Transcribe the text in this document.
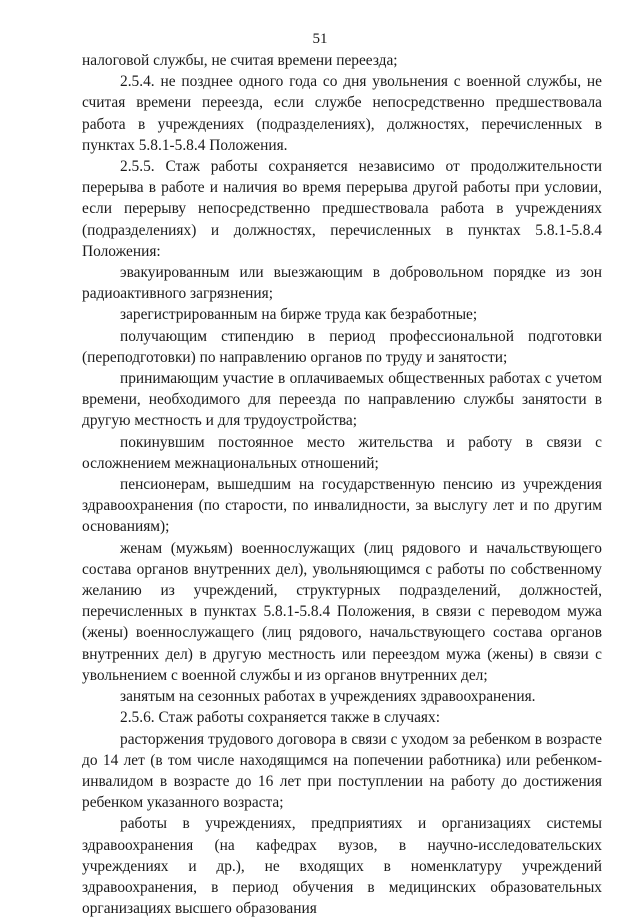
51

налоговой службы, не считая времени переезда;

2.5.4. не позднее одного года со дня увольнения с военной службы, не считая времени переезда, если службе непосредственно предшествовала работа в учреждениях (подразделениях), должностях, перечисленных в пунктах 5.8.1-5.8.4 Положения.

2.5.5. Стаж работы сохраняется независимо от продолжительности перерыва в работе и наличия во время перерыва другой работы при условии, если перерыву непосредственно предшествовала работа в учреждениях (подразделениях) и должностях, перечисленных в пунктах 5.8.1-5.8.4 Положения:

эвакуированным или выезжающим в добровольном порядке из зон радиоактивного загрязнения;

зарегистрированным на бирже труда как безработные;

получающим стипендию в период профессиональной подготовки (переподготовки) по направлению органов по труду и занятости;

принимающим участие в оплачиваемых общественных работах с учетом времени, необходимого для переезда по направлению службы занятости в другую местность и для трудоустройства;

покинувшим постоянное место жительства и работу в связи с осложнением межнациональных отношений;

пенсионерам, вышедшим на государственную пенсию из учреждения здравоохранения (по старости, по инвалидности, за выслугу лет и по другим основаниям);

женам (мужьям) военнослужащих (лиц рядового и начальствующего состава органов внутренних дел), увольняющимся с работы по собственному желанию из учреждений, структурных подразделений, должностей, перечисленных в пунктах 5.8.1-5.8.4 Положения, в связи с переводом мужа (жены) военнослужащего (лиц рядового, начальствующего состава органов внутренних дел) в другую местность или переездом мужа (жены) в связи с увольнением с военной службы и из органов внутренних дел;

занятым на сезонных работах в учреждениях здравоохранения.

2.5.6. Стаж работы сохраняется также в случаях:

расторжения трудового договора в связи с уходом за ребенком в возрасте до 14 лет (в том числе находящимся на попечении работника) или ребенком-инвалидом в возрасте до 16 лет при поступлении на работу до достижения ребенком указанного возраста;

работы в учреждениях, предприятиях и организациях системы здравоохранения (на кафедрах вузов, в научно-исследовательских учреждениях и др.), не входящих в номенклатуру учреждений здравоохранения, в период обучения в медицинских образовательных организациях высшего образования
